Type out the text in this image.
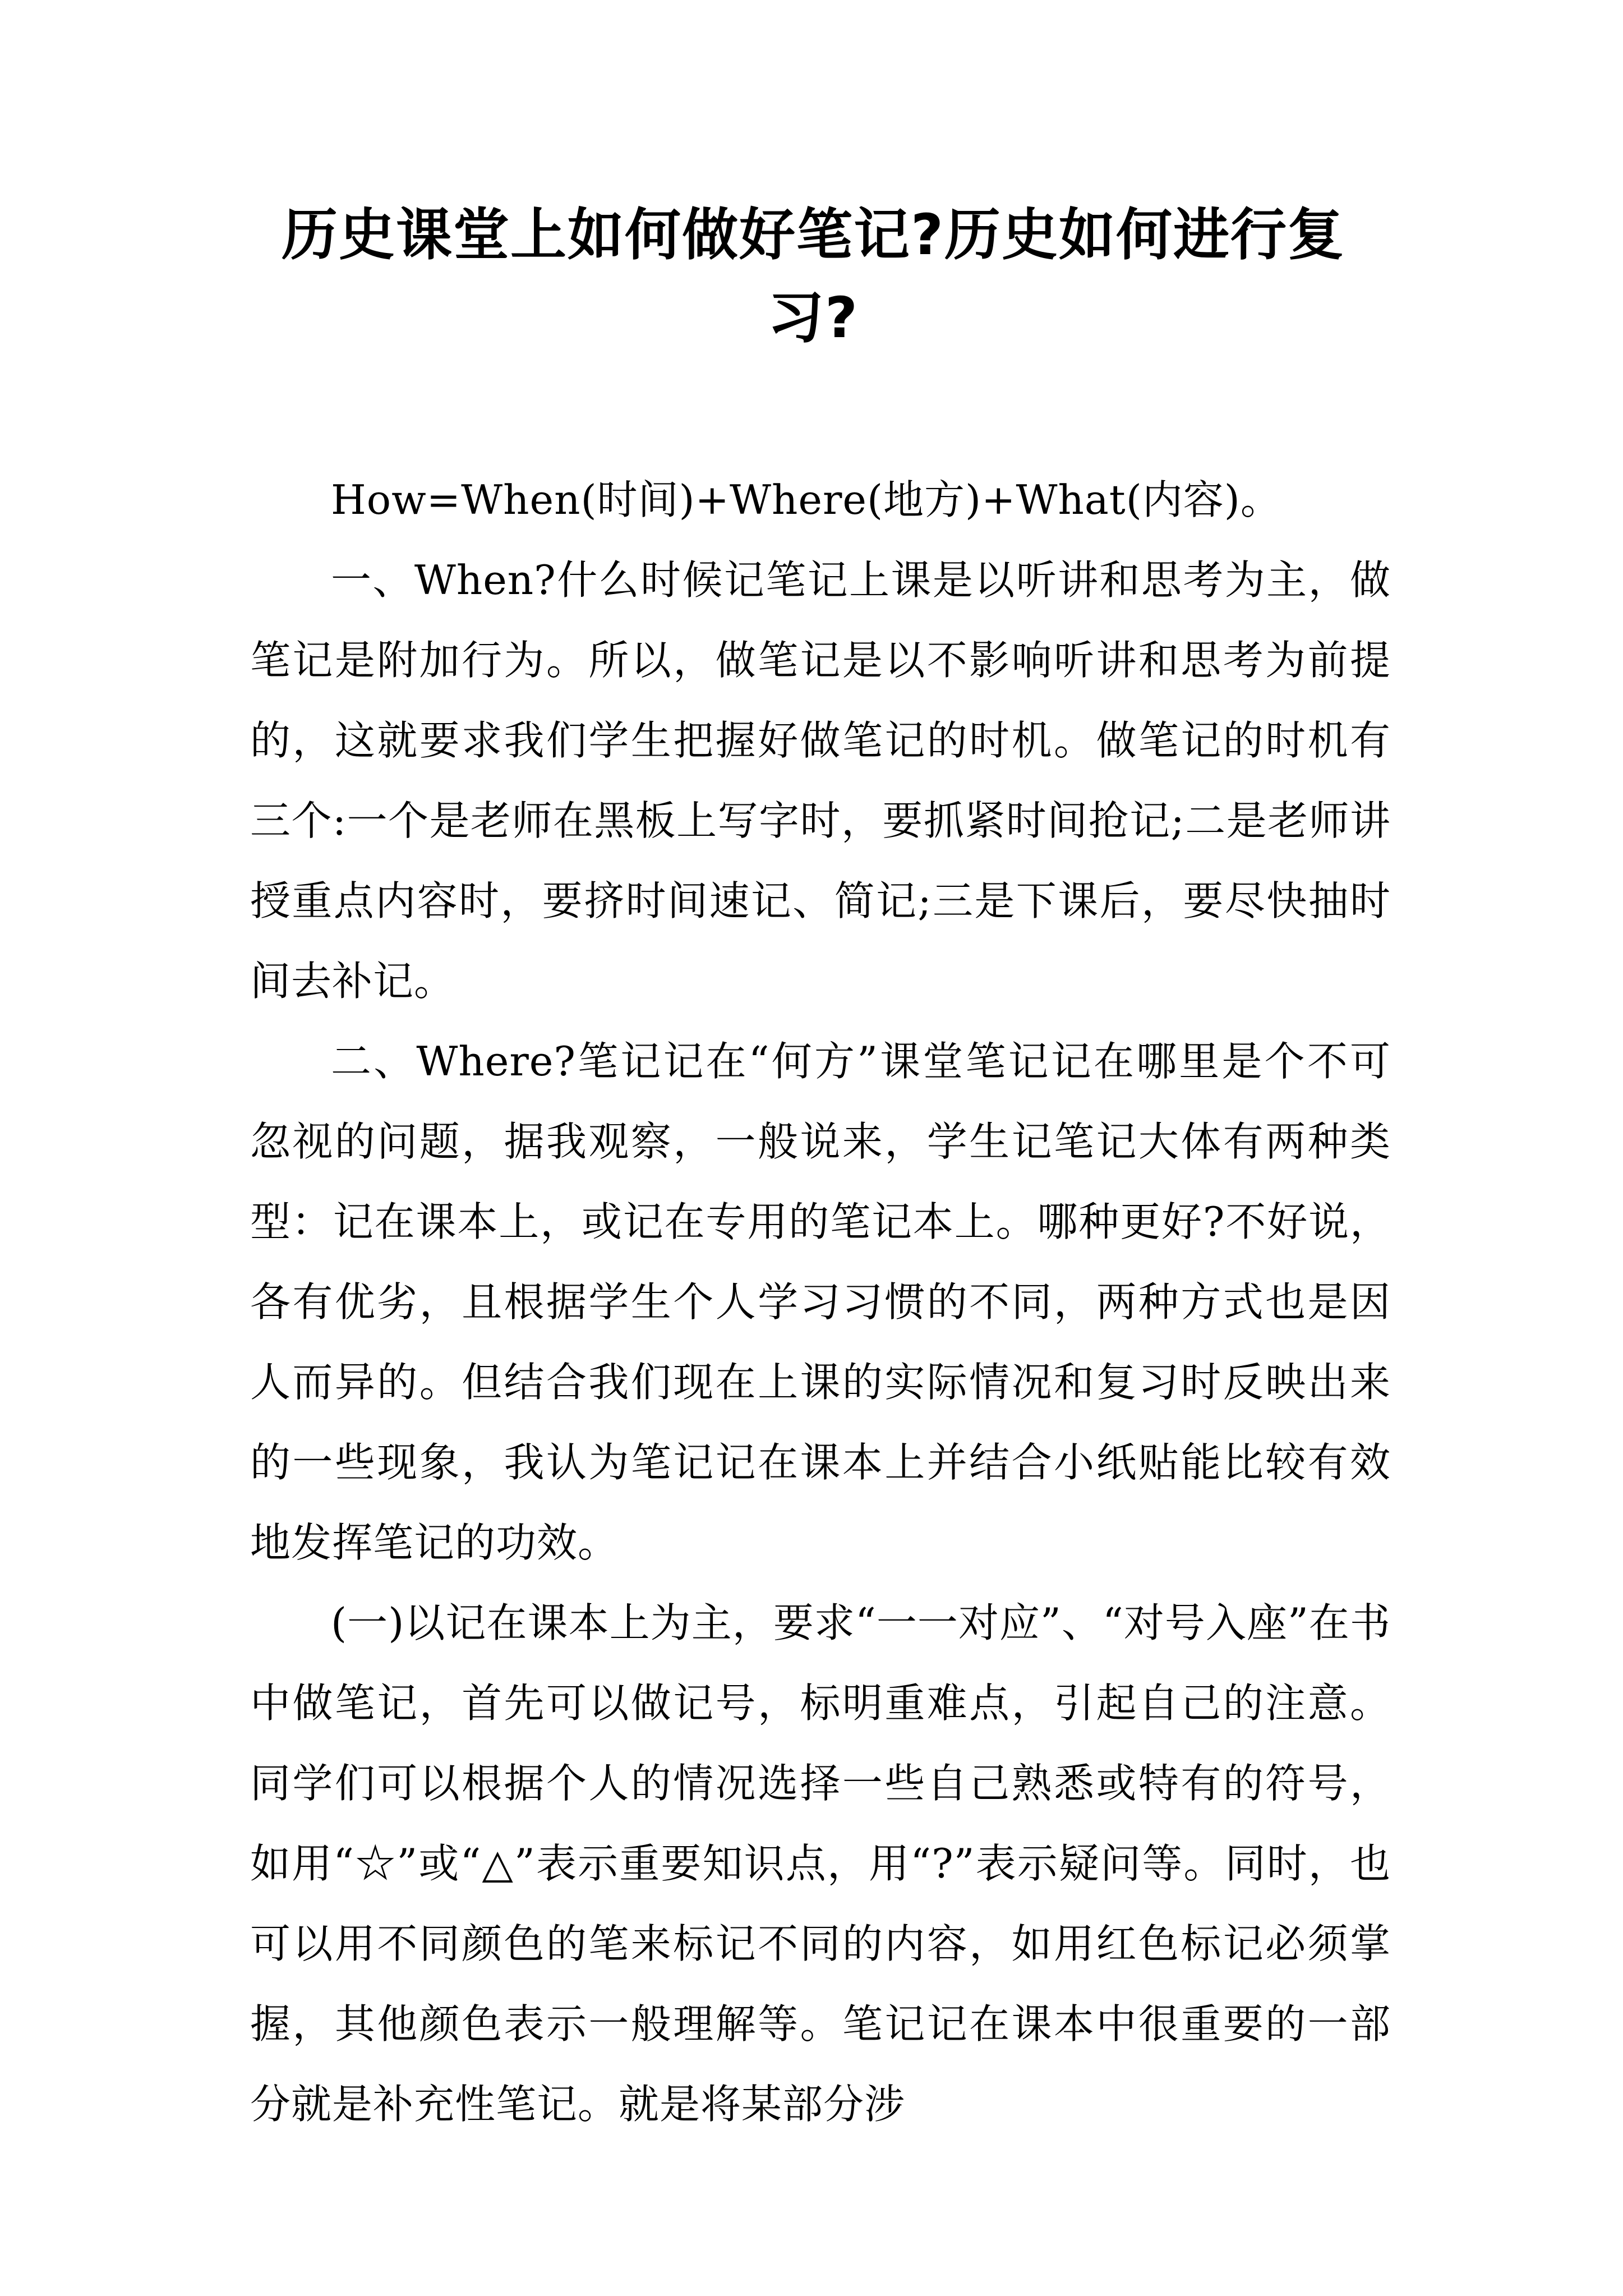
历史课堂上如何做好笔记?历史如何进行复习?

How=When(时间)+Where(地方)+What(内容)。

一、When?什么时候记笔记上课是以听讲和思考为主，做笔记是附加行为。所以，做笔记是以不影响听讲和思考为前提的，这就要求我们学生把握好做笔记的时机。做笔记的时机有三个:一个是老师在黑板上写字时，要抓紧时间抢记;二是老师讲授重点内容时，要挤时间速记、简记;三是下课后，要尽快抽时间去补记。

二、Where?笔记记在“何方”课堂笔记记在哪里是个不可忽视的问题，据我观察，一般说来，学生记笔记大体有两种类型：记在课本上，或记在专用的笔记本上。哪种更好?不好说，各有优劣，且根据学生个人学习习惯的不同，两种方式也是因人而异的。但结合我们现在上课的实际情况和复习时反映出来的一些现象，我认为笔记记在课本上并结合小纸贴能比较有效地发挥笔记的功效。

(一)以记在课本上为主，要求“一一对应”、“对号入座”在书中做笔记，首先可以做记号，标明重难点，引起自己的注意。同学们可以根据个人的情况选择一些自己熟悉或特有的符号，如用“☆”或“△”表示重要知识点，用“?”表示疑问等。同时，也可以用不同颜色的笔来标记不同的内容，如用红色标记必须掌握，其他颜色表示一般理解等。笔记记在课本中很重要的一部分就是补充性笔记。就是将某部分涉
